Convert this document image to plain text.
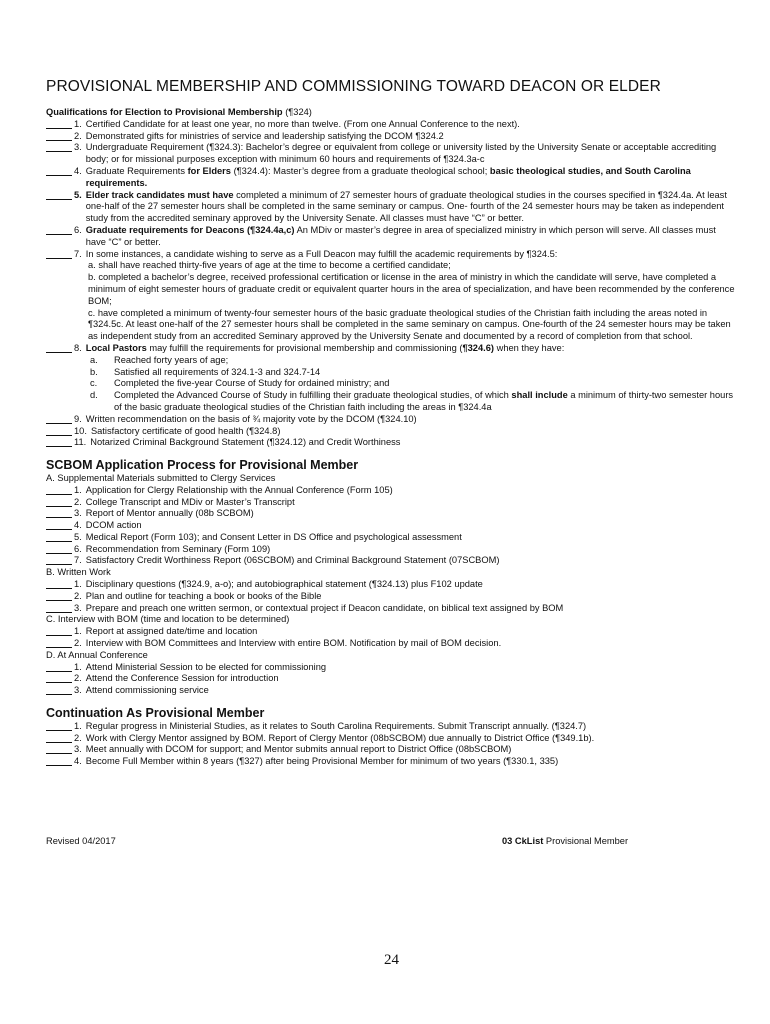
PROVISIONAL MEMBERSHIP AND COMMISSIONING TOWARD DEACON OR ELDER
Qualifications for Election to Provisional Membership (¶324)
1. Certified Candidate for at least one year, no more than twelve. (From one Annual Conference to the next).
2. Demonstrated gifts for ministries of service and leadership satisfying the DCOM ¶324.2
3. Undergraduate Requirement (¶324.3): Bachelor’s degree or equivalent from college or university listed by the University Senate or acceptable accrediting body; or for missional purposes exception with minimum 60 hours and requirements of ¶324.3a-c
4. Graduate Requirements for Elders (¶324.4): Master’s degree from a graduate theological school; basic theological studies, and South Carolina requirements.
5. Elder track candidates must have completed a minimum of 27 semester hours of graduate theological studies in the courses specified in ¶324.4a. At least one-half of the 27 semester hours shall be completed in the same seminary or campus. One- fourth of the 24 semester hours may be taken as independent study from the accredited seminary approved by the University Senate. All classes must have “C” or better.
6. Graduate requirements for Deacons (¶324.4a,c) An MDiv or master’s degree in area of specialized ministry in which person will serve. All classes must have “C” or better.
7. In some instances, a candidate wishing to serve as a Full Deacon may fulfill the academic requirements by ¶324.5:
a. shall have reached thirty-five years of age at the time to become a certified candidate;
b. completed a bachelor’s degree, received professional certification or license in the area of ministry in which the candidate will serve, have completed a minimum of eight semester hours of graduate credit or equivalent quarter hours in the area of specialization, and have been recommended by the conference BOM;
c. have completed a minimum of twenty-four semester hours of the basic graduate theological studies of the Christian faith including the areas noted in ¶324.5c. At least one-half of the 27 semester hours shall be completed in the same seminary on campus. One-fourth of the 24 semester hours may be taken as independent study from an accredited Seminary approved by the University Senate and documented by a record of completion from that school.
8. Local Pastors may fulfill the requirements for provisional membership and commissioning (¶324.6) when they have:
a.	Reached forty years of age;
b.	Satisfied all requirements of 324.1-3 and 324.7-14
c.	Completed the five-year Course of Study for ordained ministry; and
d.	Completed the Advanced Course of Study in fulfilling their graduate theological studies, of which shall include a minimum of thirty-two semester hours of the basic graduate theological studies of the Christian faith including the areas in ¶324.4a
9. Written recommendation on the basis of ¾ majority vote by the DCOM (¶324.10)
10. Satisfactory certificate of good health (¶324.8)
11. Notarized Criminal Background Statement (¶324.12) and Credit Worthiness
SCBOM Application Process for Provisional Member
A. Supplemental Materials submitted to Clergy Services
1. Application for Clergy Relationship with the Annual Conference (Form 105)
2. College Transcript and MDiv or Master’s Transcript
3. Report of Mentor annually (08b SCBOM)
4. DCOM action
5. Medical Report (Form 103); and Consent Letter in DS Office and psychological assessment
6. Recommendation from Seminary (Form 109)
7. Satisfactory Credit Worthiness Report (06SCBOM) and Criminal Background Statement (07SCBOM)
B. Written Work
1. Disciplinary questions (¶324.9, a-o); and autobiographical statement (¶324.13) plus F102 update
2. Plan and outline for teaching a book or books of the Bible
3. Prepare and preach one written sermon, or contextual project if Deacon candidate, on biblical text assigned by BOM
C. Interview with BOM (time and location to be determined)
1. Report at assigned date/time and location
2. Interview with BOM Committees and Interview with entire BOM. Notification by mail of BOM decision.
D. At Annual Conference
1. Attend Ministerial Session to be elected for commissioning
2. Attend the Conference Session for introduction
3. Attend commissioning service
Continuation As Provisional Member
1. Regular progress in Ministerial Studies, as it relates to South Carolina Requirements. Submit Transcript annually. (¶324.7)
2. Work with Clergy Mentor assigned by BOM. Report of Clergy Mentor (08bSCBOM) due annually to District Office (¶349.1b).
3. Meet annually with DCOM for support; and Mentor submits annual report to District Office (08bSCBOM)
4. Become Full Member within 8 years (¶327) after being Provisional Member for minimum of two years (¶330.1, 335)
Revised 04/2017	03 CkList Provisional Member
24
